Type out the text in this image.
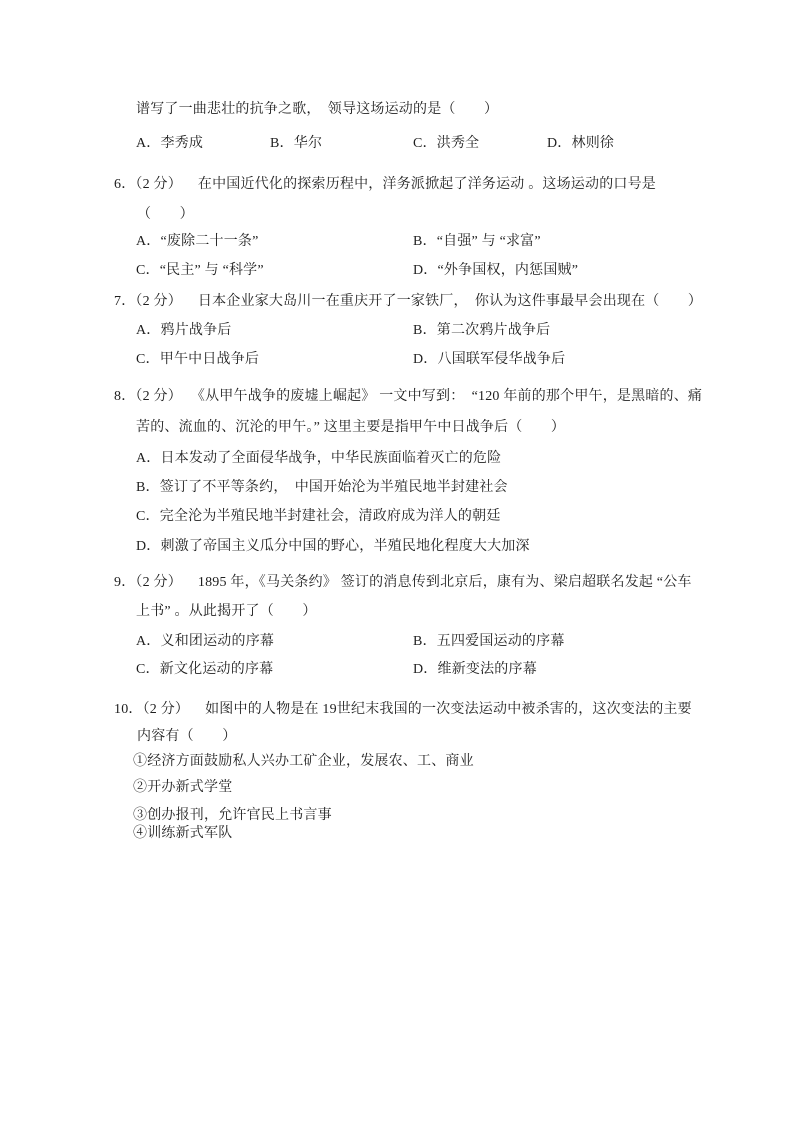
谱写了一曲悲壮的抗争之歌，　领导这场运动的是（　　）
A．李秀成	B．华尔	C．洪秀全	D．林则徐
6．（2 分） 在中国近代化的探索历程中，洋务派掀起了洋务运动 。这场运动的口号是
（　　）
A．“废除二十一条”	B．“自强” 与 “求富”
C．“民主” 与 “科学”	D．“外争国权，内惩国贼”
7．（2 分） 日本企业家大岛川一在重庆开了一家铁厂，　你认为这件事最早会出现在（　　）
A．鸦片战争后	B．第二次鸦片战争后
C．甲午中日战争后	D．八国联军侵华战争后
8．（2 分） 《从甲午战争的废墟上崛起》 一文中写到：　“120 年前的那个甲午，是黑暗的、痛
苦的、流血的、沉沦的甲午。” 这里主要是指甲午中日战争后（　　）
A．日本发动了全面侵华战争，中华民族面临着灭亡的危险
B．签订了不平等条约，　中国开始沦为半殖民地半封建社会
C．完全沦为半殖民地半封建社会，清政府成为洋人的朝廷
D．刺激了帝国主义瓜分中国的野心，半殖民地化程度大大加深
9．（2 分） 1895 年，《马关条约》 签订的消息传到北京后，康有为、梁启超联名发起 “公车
上书” 。从此揭开了（　　）
A．义和团运动的序幕	B．五四爱国运动的序幕
C．新文化运动的序幕	D．维新变法的序幕
10．（2 分） 如图中的人物是在 19世纪末我国的一次变法运动中被杀害的，这次变法的主要
内容有（　　）
①经济方面鼓励私人兴办工矿企业，发展农、工、商业
②开办新式学堂
③创办报刊，允许官民上书言事
④训练新式军队
